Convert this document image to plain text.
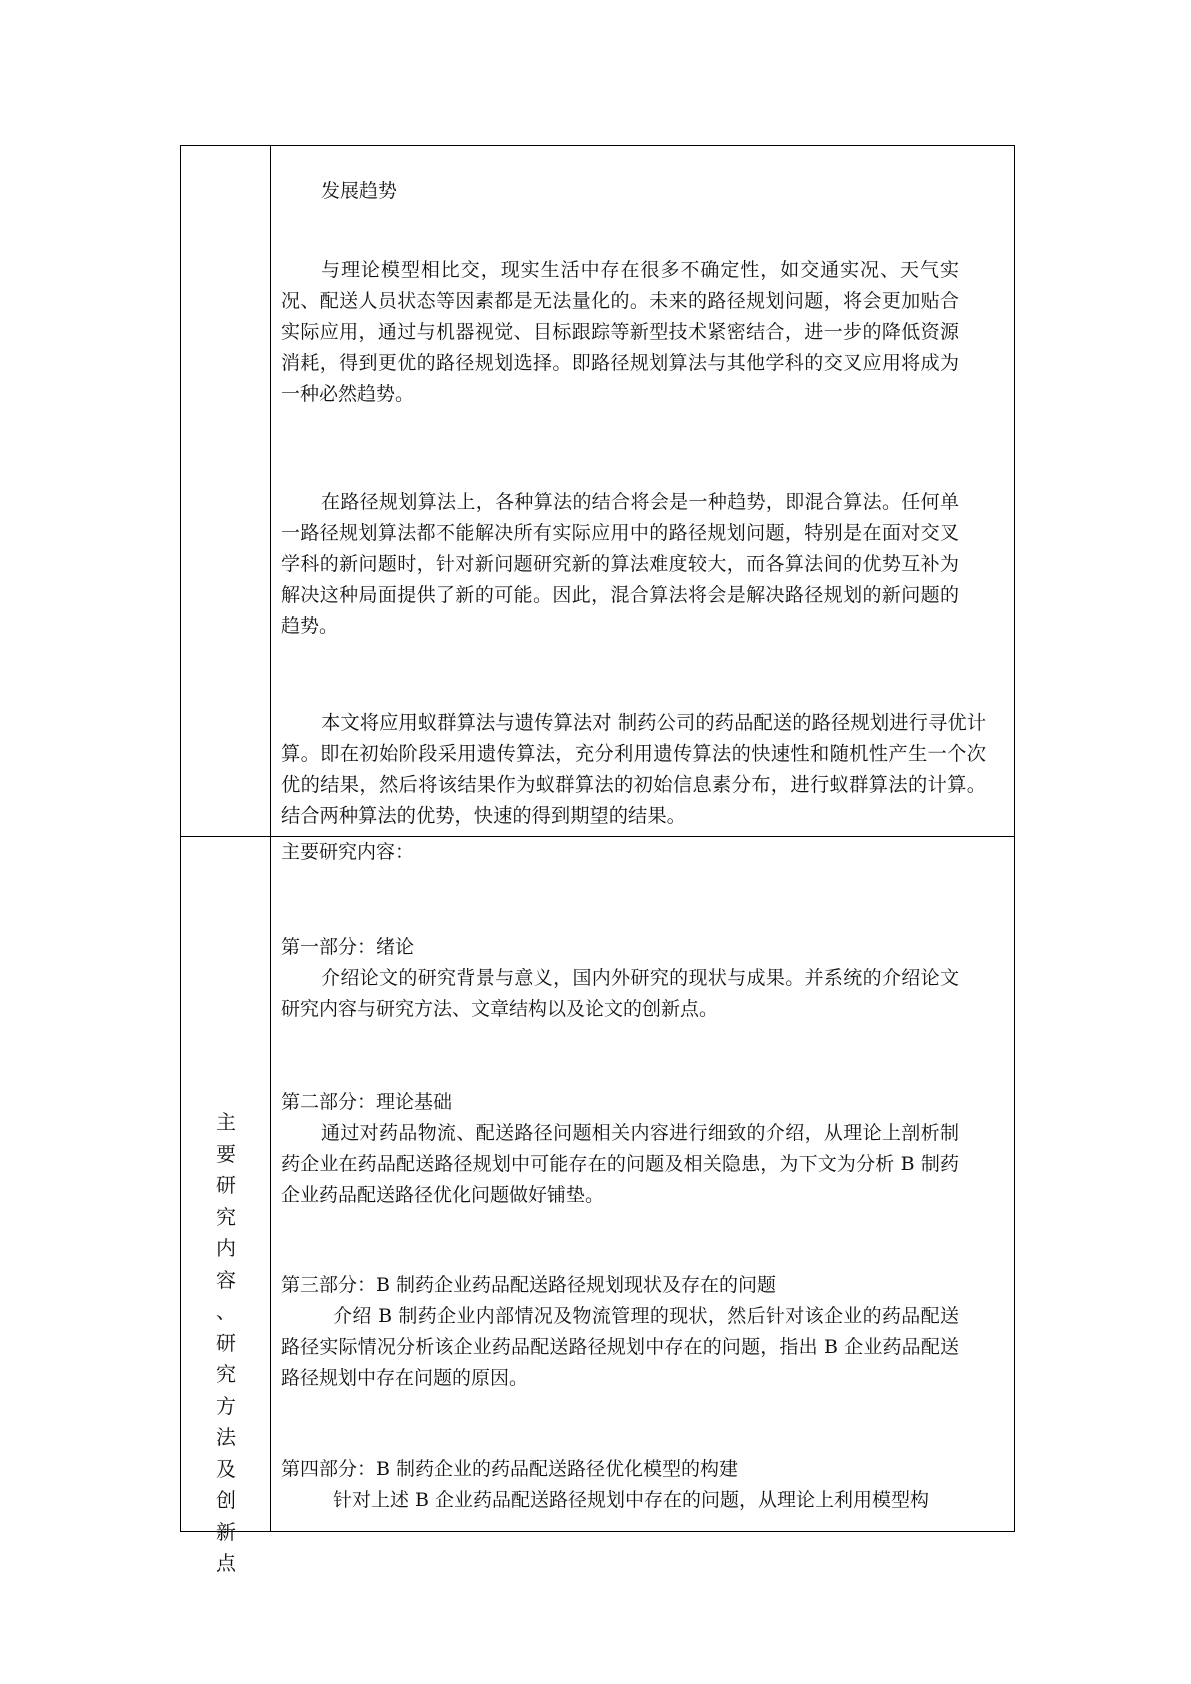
发展趋势

与理论模型相比交，现实生活中存在很多不确定性，如交通实况、天气实况、配送人员状态等因素都是无法量化的。未来的路径规划问题，将会更加贴合实际应用，通过与机器视觉、目标跟踪等新型技术紧密结合，进一步的降低资源消耗，得到更优的路径规划选择。即路径规划算法与其他学科的交叉应用将成为一种必然趋势。

在路径规划算法上，各种算法的结合将会是一种趋势，即混合算法。任何单一路径规划算法都不能解决所有实际应用中的路径规划问题，特别是在面对交叉学科的新问题时，针对新问题研究新的算法难度较大，而各算法间的优势互补为解决这种局面提供了新的可能。因此，混合算法将会是解决路径规划的新问题的趋势。

本文将应用蚁群算法与遗传算法对 制药公司的药品配送的路径规划进行寻优计算。即在初始阶段采用遗传算法，充分利用遗传算法的快速性和随机性产生一个次优的结果，然后将该结果作为蚁群算法的初始信息素分布，进行蚁群算法的计算。结合两种算法的优势，快速的得到期望的结果。

主
要
研
究
内
容
、
研
究
方
法
及
创
新
点

主要研究内容：

第一部分：绪论

介绍论文的研究背景与意义，国内外研究的现状与成果。并系统的介绍论文研究内容与研究方法、文章结构以及论文的创新点。

第二部分：理论基础

通过对药品物流、配送路径问题相关内容进行细致的介绍，从理论上剖析制药企业在药品配送路径规划中可能存在的问题及相关隐患，为下文为分析 B 制药企业药品配送路径优化问题做好铺垫。

第三部分：B 制药企业药品配送路径规划现状及存在的问题

介绍 B 制药企业内部情况及物流管理的现状，然后针对该企业的药品配送路径实际情况分析该企业药品配送路径规划中存在的问题，指出 B 企业药品配送路径规划中存在问题的原因。

第四部分：B 制药企业的药品配送路径优化模型的构建

针对上述 B 企业药品配送路径规划中存在的问题，从理论上利用模型构
